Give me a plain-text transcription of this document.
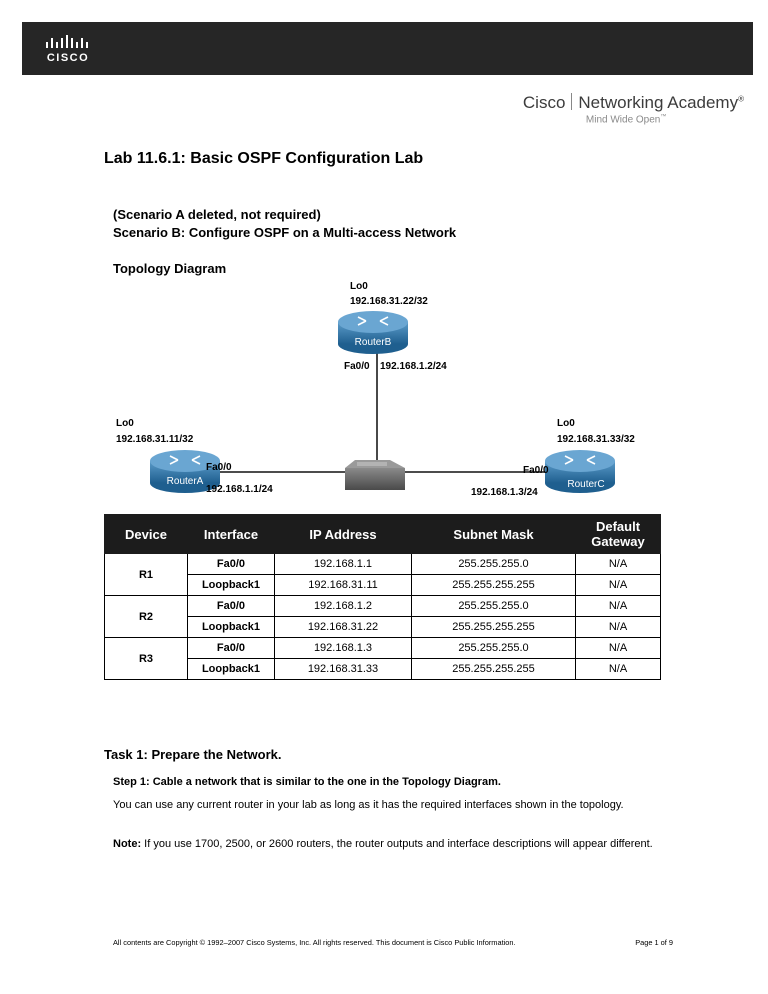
CISCO
Cisco Networking Academy®
Mind Wide Open™
Lab 11.6.1: Basic OSPF Configuration Lab
(Scenario A deleted, not required)
Scenario B: Configure OSPF on a Multi-access Network
Topology Diagram
RouterB
Lo0
192.168.31.22/32
Fa0/0 192.168.1.2/24
RouterA
Lo0
192.168.31.11/32
Fa0/0
192.168.1.1/24	RouterC
Lo0
192.168.31.33/32
Fa0/0
192.168.1.3/24
Device	Interface	IP Address	Subnet Mask	Default Gateway
R1	Fa0/0	192.168.1.1	255.255.255.0	N/A
	Loopback1	192.168.31.11	255.255.255.255	N/A
R2	Fa0/0	192.168.1.2	255.255.255.0	N/A
	Loopback1	192.168.31.22	255.255.255.255	N/A
R3	Fa0/0	192.168.1.3	255.255.255.0	N/A
	Loopback1	192.168.31.33	255.255.255.255	N/A
Task 1: Prepare the Network.
Step 1: Cable a network that is similar to the one in the Topology Diagram.
You can use any current router in your lab as long as it has the required interfaces shown in the topology.
Note: If you use 1700, 2500, or 2600 routers, the router outputs and interface descriptions will appear different.
All contents are Copyright © 1992–2007 Cisco Systems, Inc. All rights reserved. This document is Cisco Public Information.	Page 1 of 9
